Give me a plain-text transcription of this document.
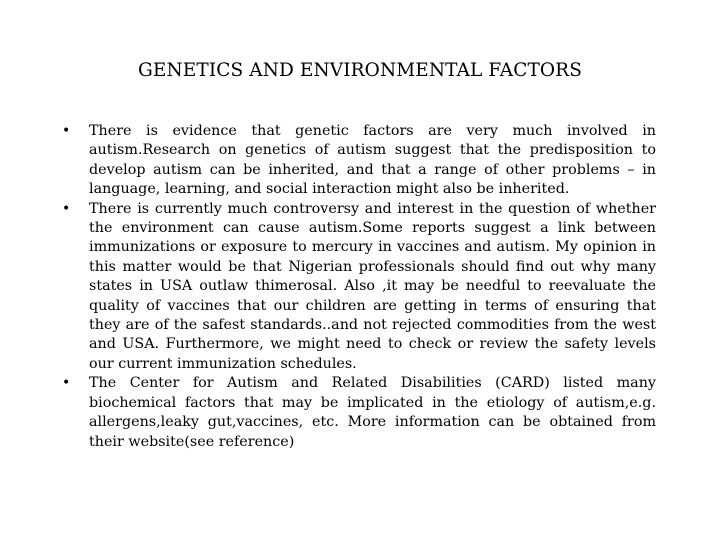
GENETICS AND ENVIRONMENTAL FACTORS
• There is evidence that genetic factors are very much involved in autism.Research on genetics of autism suggest that the predisposition to develop autism can be inherited, and that a range of other problems – in language, learning, and social interaction might also be inherited.
• There is currently much controversy and interest in the question of whether the environment can cause autism.Some reports suggest a link between immunizations or exposure to mercury in vaccines and autism. My opinion in this matter would be that Nigerian professionals should find out why many states in USA outlaw thimerosal. Also ,it may be needful to reevaluate the quality of vaccines that our children are getting in terms of ensuring that they are of the safest standards..and not rejected commodities from the west and USA. Furthermore, we might need to check or review the safety levels our current immunization schedules.
• The Center for Autism and Related Disabilities (CARD) listed many biochemical factors that may be implicated in the etiology of autism,e.g. allergens,leaky gut,vaccines, etc. More information can be obtained from their website(see reference)
